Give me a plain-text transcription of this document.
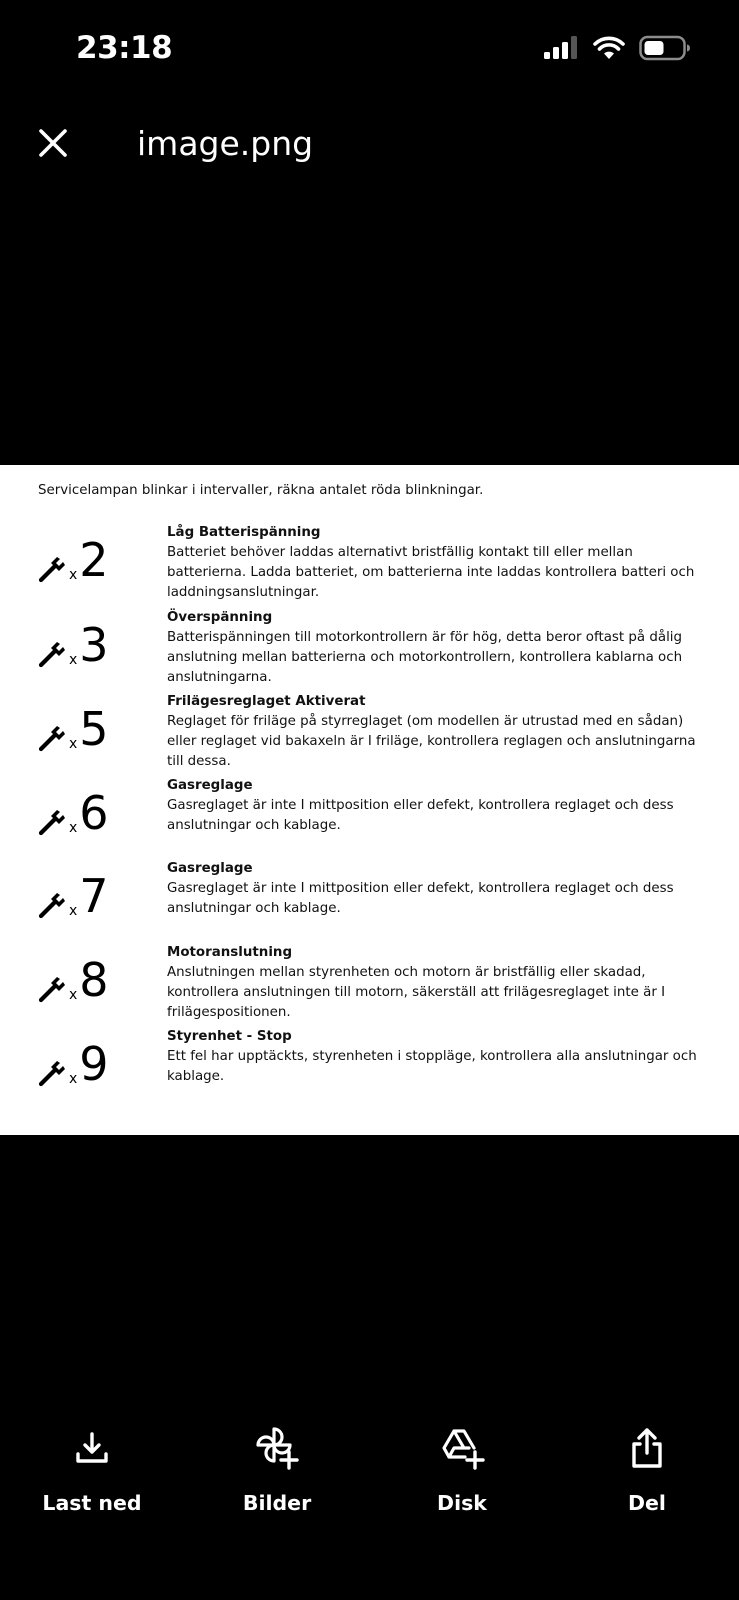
23:18
image.png
Servicelampan blinkar i intervaller, räkna antalet röda blinkningar.
x 2
Låg Batterispänning
Batteriet behöver laddas alternativt bristfällig kontakt till eller mellan
batterierna. Ladda batteriet, om batterierna inte laddas kontrollera batteri och
laddningsanslutningar.
x 3
Överspänning
Batterispänningen till motorkontrollern är för hög, detta beror oftast på dålig
anslutning mellan batterierna och motorkontrollern, kontrollera kablarna och
anslutningarna.
x 5
Frilägesreglaget Aktiverat
Reglaget för friläge på styrreglaget (om modellen är utrustad med en sådan)
eller reglaget vid bakaxeln är I friläge, kontrollera reglagen och anslutningarna
till dessa.
x 6
Gasreglage
Gasreglaget är inte I mittposition eller defekt, kontrollera reglaget och dess
anslutningar och kablage.
x 7
Gasreglage
Gasreglaget är inte I mittposition eller defekt, kontrollera reglaget och dess
anslutningar och kablage.
x 8
Motoranslutning
Anslutningen mellan styrenheten och motorn är bristfällig eller skadad,
kontrollera anslutningen till motorn, säkerställ att frilägesreglaget inte är I
frilägespositionen.
x 9
Styrenhet - Stop
Ett fel har upptäckts, styrenheten i stoppläge, kontrollera alla anslutningar och
kablage.
Last ned	Bilder	Disk	Del
